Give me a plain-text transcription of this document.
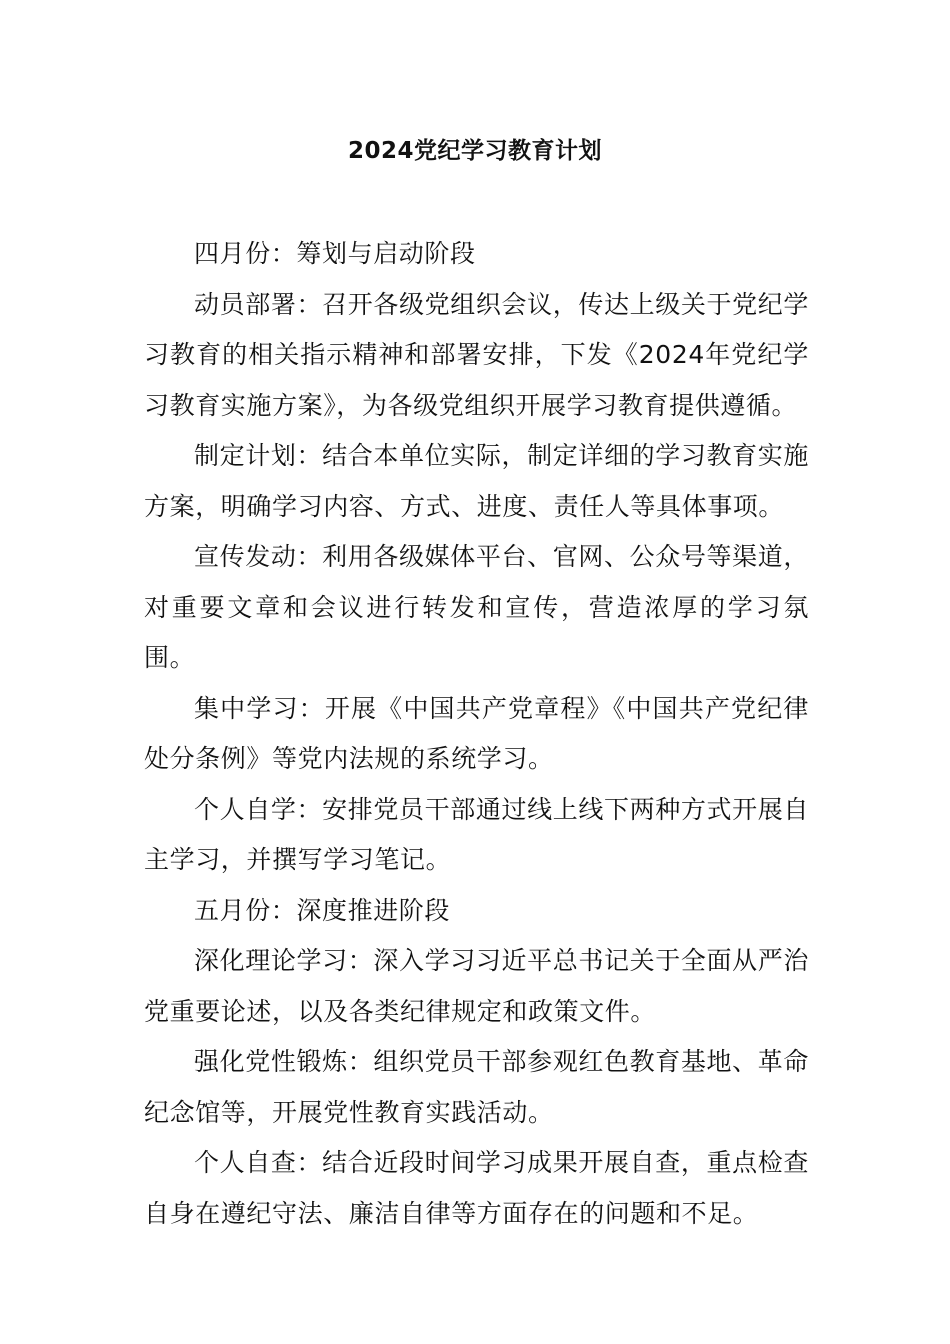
2024党纪学习教育计划

四月份：筹划与启动阶段

动员部署：召开各级党组织会议，传达上级关于党纪学习教育的相关指示精神和部署安排，下发《2024年党纪学习教育实施方案》，为各级党组织开展学习教育提供遵循。

制定计划：结合本单位实际，制定详细的学习教育实施方案，明确学习内容、方式、进度、责任人等具体事项。

宣传发动：利用各级媒体平台、官网、公众号等渠道，对重要文章和会议进行转发和宣传，营造浓厚的学习氛围。

集中学习：开展《中国共产党章程》《中国共产党纪律处分条例》等党内法规的系统学习。

个人自学：安排党员干部通过线上线下两种方式开展自主学习，并撰写学习笔记。

五月份：深度推进阶段

深化理论学习：深入学习习近平总书记关于全面从严治党重要论述，以及各类纪律规定和政策文件。

强化党性锻炼：组织党员干部参观红色教育基地、革命纪念馆等，开展党性教育实践活动。

个人自查：结合近段时间学习成果开展自查，重点检查自身在遵纪守法、廉洁自律等方面存在的问题和不足。
